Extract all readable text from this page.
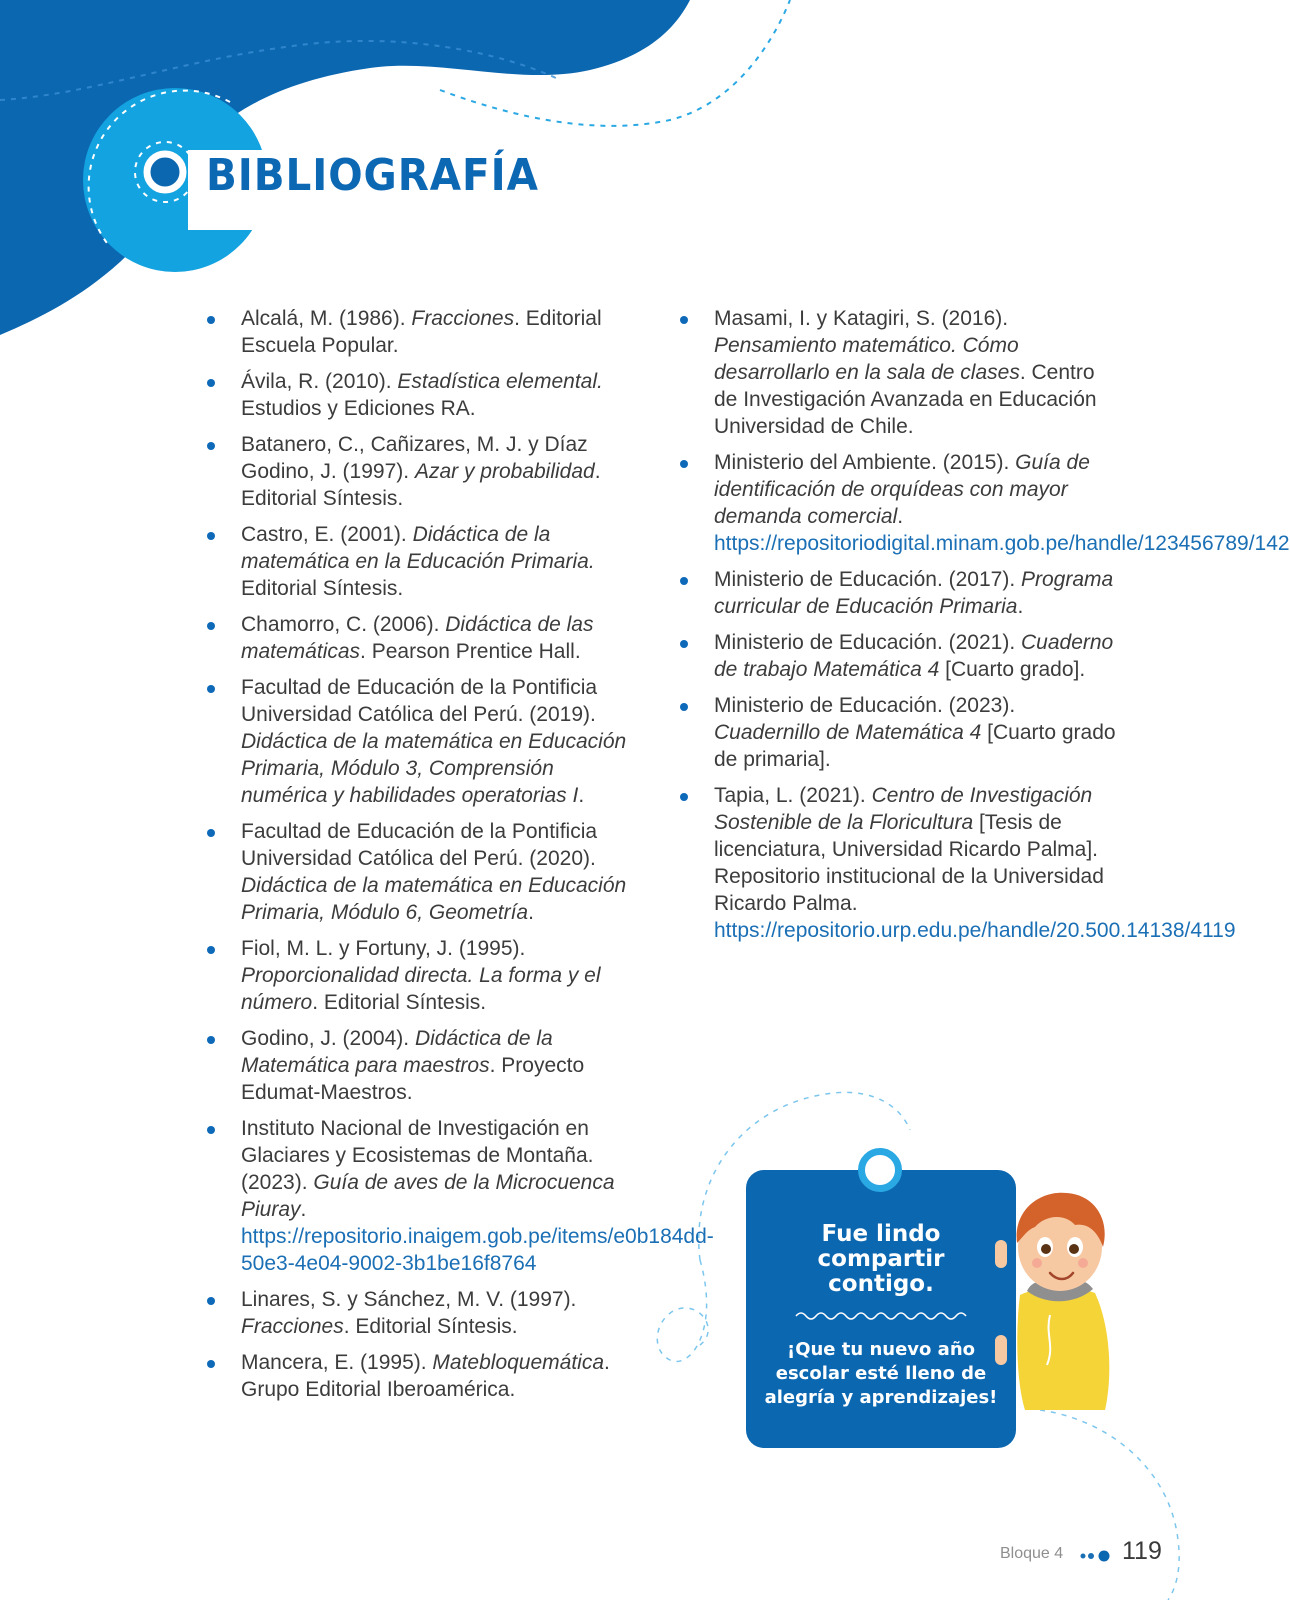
BIBLIOGRAFÍA
Alcalá, M. (1986). Fracciones. Editorial Escuela Popular.
Ávila, R. (2010). Estadística elemental. Estudios y Ediciones RA.
Batanero, C., Cañizares, M. J. y Díaz Godino, J. (1997). Azar y probabilidad. Editorial Síntesis.
Castro, E. (2001). Didáctica de la matemática en la Educación Primaria. Editorial Síntesis.
Chamorro, C. (2006). Didáctica de las matemáticas. Pearson Prentice Hall.
Facultad de Educación de la Pontificia Universidad Católica del Perú. (2019). Didáctica de la matemática en Educación Primaria, Módulo 3, Comprensión numérica y habilidades operatorias I.
Facultad de Educación de la Pontificia Universidad Católica del Perú. (2020). Didáctica de la matemática en Educación Primaria, Módulo 6, Geometría.
Fiol, M. L. y Fortuny, J. (1995). Proporcionalidad directa. La forma y el número. Editorial Síntesis.
Godino, J. (2004). Didáctica de la Matemática para maestros. Proyecto Edumat-Maestros.
Instituto Nacional de Investigación en Glaciares y Ecosistemas de Montaña. (2023). Guía de aves de la Microcuenca Piuray. https://repositorio.inaigem.gob.pe/items/e0b184dd-50e3-4e04-9002-3b1be16f8764
Linares, S. y Sánchez, M. V. (1997). Fracciones. Editorial Síntesis.
Mancera, E. (1995). Matebloquemática. Grupo Editorial Iberoamérica.
Masami, I. y Katagiri, S. (2016). Pensamiento matemático. Cómo desarrollarlo en la sala de clases. Centro de Investigación Avanzada en Educación Universidad de Chile.
Ministerio del Ambiente. (2015). Guía de identificación de orquídeas con mayor demanda comercial. https://repositoriodigital.minam.gob.pe/handle/123456789/142
Ministerio de Educación. (2017). Programa curricular de Educación Primaria.
Ministerio de Educación. (2021). Cuaderno de trabajo Matemática 4 [Cuarto grado].
Ministerio de Educación. (2023). Cuadernillo de Matemática 4 [Cuarto grado de primaria].
Tapia, L. (2021). Centro de Investigación Sostenible de la Floricultura [Tesis de licenciatura, Universidad Ricardo Palma]. Repositorio institucional de la Universidad Ricardo Palma. https://repositorio.urp.edu.pe/handle/20.500.14138/4119
Fue lindo compartir contigo.
¡Que tu nuevo año escolar esté lleno de alegría y aprendizajes!
Bloque 4 119
